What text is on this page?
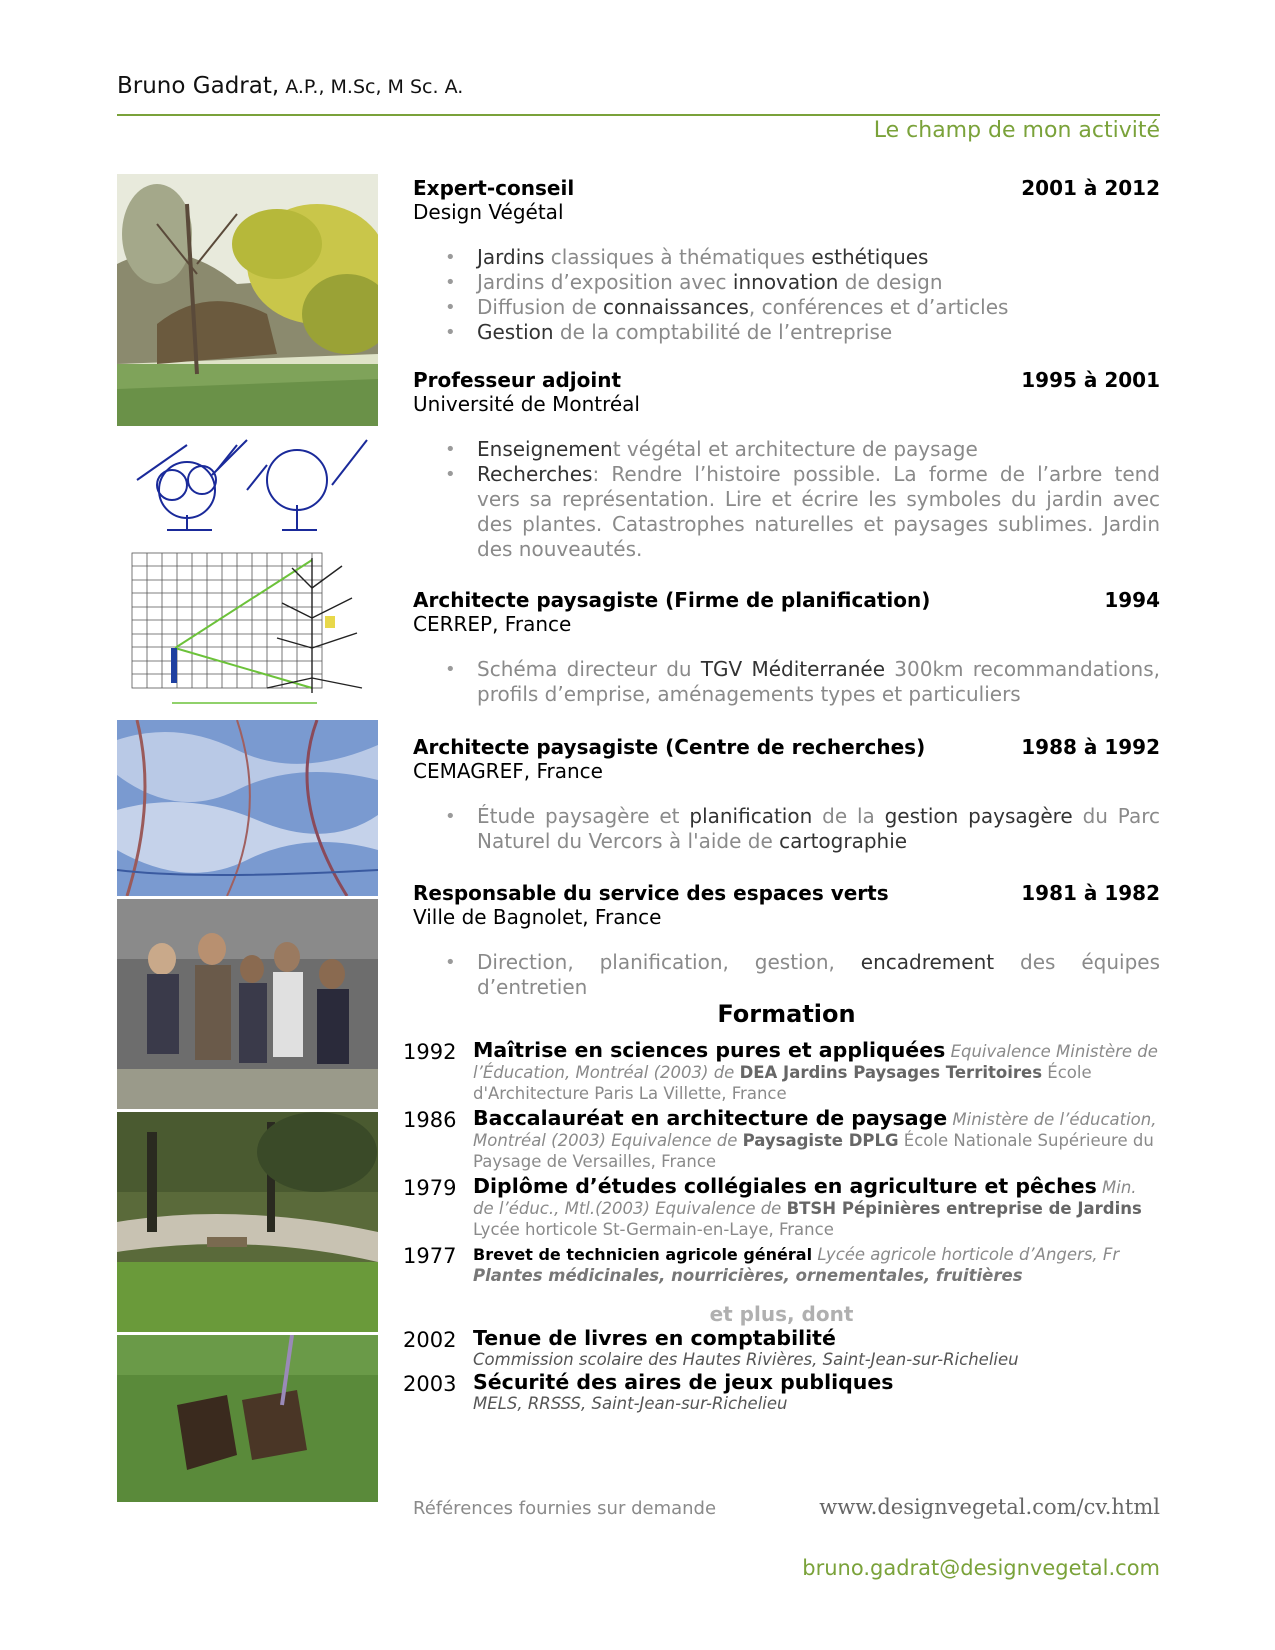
Bruno Gadrat, A.P., M.Sc, M Sc. A.
Le champ de mon activité
Expert-conseil	2001 à 2012
Design Végétal
• Jardins classiques à thématiques esthétiques
• Jardins d’exposition avec innovation de design
• Diffusion de connaissances, conférences et d’articles
• Gestion de la comptabilité de l’entreprise
Professeur adjoint	1995 à 2001
Université de Montréal
• Enseignement végétal et architecture de paysage
• Recherches: Rendre l’histoire possible. La forme de l’arbre tend vers sa représentation. Lire et écrire les symboles du jardin avec des plantes. Catastrophes naturelles et paysages sublimes. Jardin des nouveautés.
Architecte paysagiste (Firme de planification)	1994
CERREP, France
• Schéma directeur du TGV Méditerranée 300km recommandations, profils d’emprise, aménagements types et particuliers
Architecte paysagiste (Centre de recherches)	1988 à 1992
CEMAGREF, France
• Étude paysagère et planification de la gestion paysagère du Parc Naturel du Vercors à l'aide de cartographie
Responsable du service des espaces verts	1981 à 1982
Ville de Bagnolet, France
• Direction, planification, gestion, encadrement des équipes d’entretien
1992 Maîtrise en sciences pures et appliquées Equivalence Ministère de l’Éducation, Montréal (2003) de DEA Jardins Paysages Territoires École d'Architecture Paris La Villette, France
1986 Baccalauréat en architecture de paysage Ministère de l’éducation, Montréal (2003) Equivalence de Paysagiste DPLG École Nationale Supérieure du Paysage de Versailles, France
1979 Diplôme d’études collégiales en agriculture et pêches Min. de l’éduc., Mtl.(2003) Equivalence de BTSH Pépinières entreprise de Jardins Lycée horticole St-Germain-en-Laye, France
1977	Brevet de technicien agricole général Lycée agricole horticole d’Angers, Fr
Plantes médicinales, nourricières, ornementales, fruitières
et plus, dont
2002 Tenue de livres en comptabilité
Commission scolaire des Hautes Rivières, Saint-Jean-sur-Richelieu
2003 Sécurité des aires de jeux publiques
MELS, RRSSS, Saint-Jean-sur-Richelieu
Références fournies sur demande	www.designvegetal.com/cv.html
bruno.gadrat@designvegetal.com
Formation
